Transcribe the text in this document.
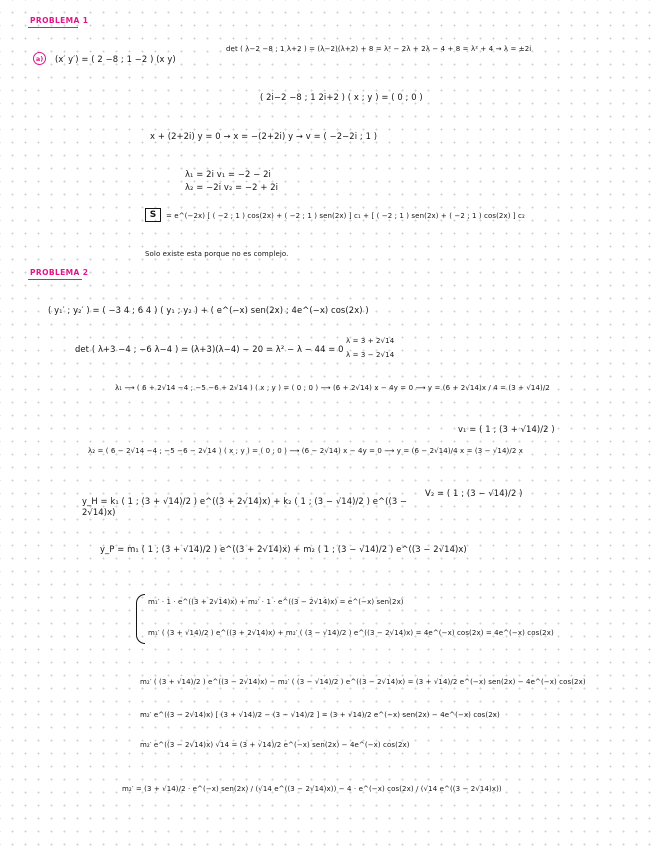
PROBLEMA 1
a)	(x′ y′) = ( 2 −8 ; 1 −2 ) (x y)
det ( λ−2 −8 ; 1 λ+2 ) = (λ−2)(λ+2) + 8 = λ² − 2λ + 2λ − 4 + 8 = λ² + 4 → λ = ±2i
( 2i−2 −8 ; 1 2i+2 ) ( x ; y ) = ( 0 ; 0 )
x + (2+2i) y = 0 → x = −(2+2i) y → v = ( −2−2i ; 1 )
λ₁ = 2i v₁ = −2 − 2i
λ₂ = −2i v₂ = −2 + 2i
S	= e^(−2x) [ ( −2 ; 1 ) cos(2x) + ( −2 ; 1 ) sen(2x) ] c₁ + [ ( −2 ; 1 ) sen(2x) + ( −2 ; 1 ) cos(2x) ] c₂
Solo existe esta porque no es complejo.
PROBLEMA 2
( y₁′ ; y₂′ ) = ( −3 4 ; 6 4 ) ( y₁ ; y₂ ) + ( e^(−x) sen(2x) ; 4e^(−x) cos(2x) )
det ( λ+3 −4 ; −6 λ−4 ) = (λ+3)(λ−4) − 20 = λ² − λ − 44 = 0
λ = 3 + 2√14
λ = 3 − 2√14
λ₁ ⟶ ( 6 + 2√14 −4 ; −5 −6 + 2√14 ) ( x ; y ) = ( 0 ; 0 ) ⟶ (6 + 2√14) x − 4y = 0 ⟶ y = (6 + 2√14)x / 4 = (3 + √14)/2
v₁ = ( 1 ; (3 + √14)/2 )
λ₂ = ( 6 − 2√14 −4 ; −5 −6 − 2√14 ) ( x ; y ) = ( 0 ; 0 ) ⟶ (6 − 2√14) x − 4y = 0 ⟶ y = (6 − 2√14)/4 x = (3 − √14)/2 x
y_H = k₁ ( 1 ; (3 + √14)/2 ) e^((3 + 2√14)x) + k₂ ( 1 ; (3 − √14)/2 ) e^((3 − 2√14)x)
V₂ = ( 1 ; (3 − √14)/2 )
y_P = m₁ ( 1 ; (3 + √14)/2 ) e^((3 + 2√14)x) + m₂ ( 1 ; (3 − √14)/2 ) e^((3 − 2√14)x)
m₁′ · 1 · e^((3 + 2√14)x) + m₂′ · 1 · e^((3 − 2√14)x) = e^(−x) sen(2x)
m₁′ ( (3 + √14)/2 ) e^((3 + 2√14)x) + m₂′ ( (3 − √14)/2 ) e^((3 − 2√14)x) = 4e^(−x) cos(2x) = 4e^(−x) cos(2x)
m₂′ ( (3 + √14)/2 ) e^((3 − 2√14)x) − m₂′ ( (3 − √14)/2 ) e^((3 − 2√14)x) = (3 + √14)/2 e^(−x) sen(2x) − 4e^(−x) cos(2x)
m₂′ e^((3 − 2√14)x) [ (3 + √14)/2 − (3 − √14)/2 ] = (3 + √14)/2 e^(−x) sen(2x) − 4e^(−x) cos(2x)
m₂′ e^((3 − 2√14)x) √14 = (3 + √14)/2 e^(−x) sen(2x) − 4e^(−x) cos(2x)
m₂′ = (3 + √14)/2 · e^(−x) sen(2x) / (√14 e^((3 − 2√14)x)) − 4 · e^(−x) cos(2x) / (√14 e^((3 − 2√14)x))
